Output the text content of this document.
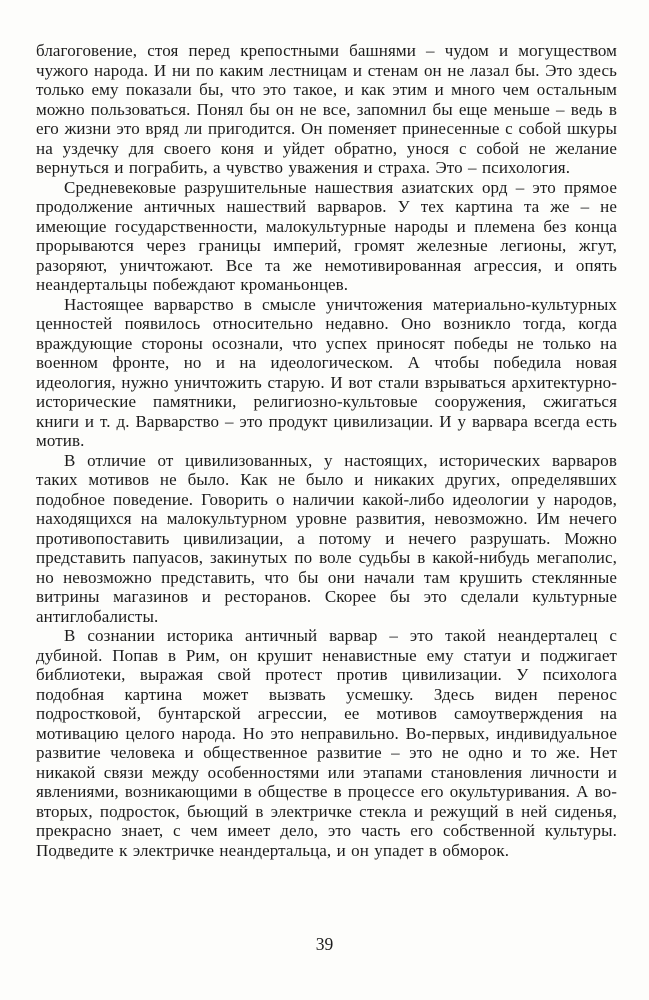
благоговение, стоя перед крепостными башнями – чудом и могуществом чужого народа. И ни по каким лестницам и стенам он не лазал бы. Это здесь только ему показали бы, что это такое, и как этим и много чем остальным можно пользоваться. Понял бы он не все, запомнил бы еще меньше – ведь в его жизни это вряд ли пригодится. Он поменяет принесенные с собой шкуры на уздечку для своего коня и уйдет обратно, унося с собой не желание вернуться и пограбить, а чувство уважения и страха. Это – психология.

Средневековые разрушительные нашествия азиатских орд – это прямое продолжение античных нашествий варваров. У тех картина та же – не имеющие государственности, малокультурные народы и племена без конца прорываются через границы империй, громят железные легионы, жгут, разоряют, уничтожают. Все та же немотивированная агрессия, и опять неандертальцы побеждают кроманьонцев.

Настоящее варварство в смысле уничтожения материально-культурных ценностей появилось относительно недавно. Оно возникло тогда, когда враждующие стороны осознали, что успех приносят победы не только на военном фронте, но и на идеологическом. А чтобы победила новая идеология, нужно уничтожить старую. И вот стали взрываться архитектурно-исторические памятники, религиозно-культовые сооружения, сжигаться книги и т. д. Варварство – это продукт цивилизации. И у варвара всегда есть мотив.

В отличие от цивилизованных, у настоящих, исторических варваров таких мотивов не было. Как не было и никаких других, определявших подобное поведение. Говорить о наличии какой-либо идеологии у народов, находящихся на малокультурном уровне развития, невозможно. Им нечего противопоставить цивилизации, а потому и нечего разрушать. Можно представить папуасов, закинутых по воле судьбы в какой-нибудь мегаполис, но невозможно представить, что бы они начали там крушить стеклянные витрины магазинов и ресторанов. Скорее бы это сделали культурные антиглобалисты.

В сознании историка античный варвар – это такой неандерталец с дубиной. Попав в Рим, он крушит ненавистные ему статуи и поджигает библиотеки, выражая свой протест против цивилизации. У психолога подобная картина может вызвать усмешку. Здесь виден перенос подростковой, бунтарской агрессии, ее мотивов самоутверждения на мотивацию целого народа. Но это неправильно. Во-первых, индивидуальное развитие человека и общественное развитие – это не одно и то же. Нет никакой связи между особенностями или этапами становления личности и явлениями, возникающими в обществе в процессе его окультуривания. А во-вторых, подросток, бьющий в электричке стекла и режущий в ней сиденья, прекрасно знает, с чем имеет дело, это часть его собственной культуры. Подведите к электричке неандертальца, и он упадет в обморок.

39
